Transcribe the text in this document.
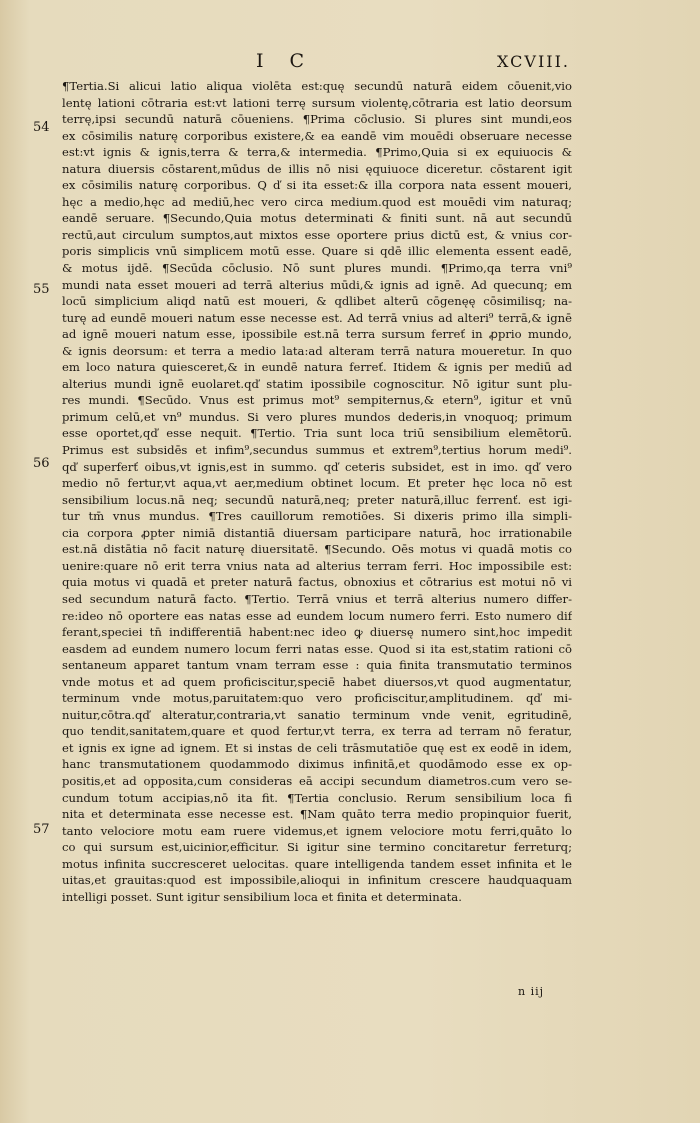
I C	XCVIII.
54
55
56
57
¶Tertia.Si alicui latio aliqua violēta est:quę secundū naturā eidem cōuenit,vio
lentę lationi cōtraria est:vt lationi terrę sursum violentę,cōtraria est latio deorsum
terrę,ipsi secundū naturā cōueniens. ¶Prima cōclusio. Si plures sint mundi,eos
ex cōsimilis naturę corporibus existere,& ea eandē vim mouēdi obseruare necesse
est:vt ignis & ignis,terra & terra,& intermedia. ¶Primo,Quia si ex equiuocis &
natura diuersis cōstarent,mūdus de illis nō nisi ęquiuoce diceretur. cōstarent igit
ex cōsimilis naturę corporibus. Q ď si ita esset:& illa corpora nata essent moueri,
hęc a medio,hęc ad mediū,hec vero circa medium.quod est mouēdi vim naturaq;
eandē seruare. ¶Secundo,Quia motus determinati & finiti sunt. nā aut secundū
rectū,aut circulum sumptos,aut mixtos esse oportere prius dictū est, & vnius cor-
poris simplicis vnū simplicem motū esse. Quare si qdē illic elementa essent eadē,
& motus ijdē. ¶Secūda cōclusio. Nō sunt plures mundi. ¶Primo,qa terra vni⁹
mundi nata esset moueri ad terrā alterius mūdi,& ignis ad ignē. Ad quecunq; em
locū simplicium aliqd natū est moueri, & qdlibet alterū cōgenęę cōsimilisq; na-
turę ad eundē moueri natum esse necesse est. Ad terrā vnius ad alteri⁹ terrā,& ignē
ad ignē moueri natum esse, ipossibile est.nā terra sursum ferreť in ꝓprio mundo,
& ignis deorsum: et terra a medio lata:ad alteram terrā natura moueretur. In quo
em loco natura quiesceret,& in eundē natura ferreť. Itidem & ignis per mediū ad
alterius mundi ignē euolaret.qď statim ipossibile cognoscitur. Nō igitur sunt plu-
res mundi. ¶Secūdo. Vnus est primus mot⁹ sempiternus,& etern⁹, igitur et vnū
primum celū,et vn⁹ mundus. Si vero plures mundos dederis,in vnoquoq; primum
esse oportet,qď esse nequit. ¶Tertio. Tria sunt loca triū sensibilium elemētorū.
Primus est subsidēs et infim⁹,secundus summus et extrem⁹,tertius horum medi⁹.
qď superferť oibus,vt ignis,est in summo. qď ceteris subsidet, est in imo. qď vero
medio nō fertur,vt aqua,vt aer,medium obtinet locum. Et preter hęc loca nō est
sensibilium locus.nā neq; secundū naturā,neq; preter naturā,illuc ferrenť. est igi-
tur tm̄ vnus mundus. ¶Tres cauillorum remotiōes. Si dixeris primo illa simpli-
cia corpora ꝓpter nimiā distantiā diuersam participare naturā, hoc irrationabile
est.nā distātia nō facit naturę diuersitatē. ¶Secundo. Oēs motus vi quadā motis co
uenire:quare nō erit terra vnius nata ad alterius terram ferri. Hoc impossibile est:
quia motus vi quadā et preter naturā factus, obnoxius et cōtrarius est motui nō vi
sed secundum naturā facto. ¶Tertio. Terrā vnius et terrā alterius numero differ-
re:ideo nō oportere eas natas esse ad eundem locum numero ferri. Esto numero dif
ferant,speciei tn̄ indifferentiā habent:nec ideo ꝙ diuersę numero sint,hoc impedit
easdem ad eundem numero locum ferri natas esse. Quod si ita est,statim rationi cō
sentaneum apparet tantum vnam terram esse : quia finita transmutatio terminos
vnde motus et ad quem proficiscitur,speciē habet diuersos,vt quod augmentatur,
terminum vnde motus,paruitatem:quo vero proficiscitur,amplitudinem. qď mi-
nuitur,cōtra.qď alteratur,contraria,vt sanatio terminum vnde venit, egritudinē,
quo tendit,sanitatem,quare et quod fertur,vt terra, ex terra ad terram nō feratur,
et ignis ex igne ad ignem. Et si instas de celi trāsmutatiōe quę est ex eodē in idem,
hanc transmutationem quodammodo diximus infinitā,et quodāmodo esse ex op-
positis,et ad opposita,cum consideras eā accipi secundum diametros.cum vero se-
cundum totum accipias,nō ita fit. ¶Tertia conclusio. Rerum sensibilium loca fi
nita et determinata esse necesse est. ¶Nam quāto terra medio propinquior fuerit,
tanto velociore motu eam ruere videmus,et ignem velociore motu ferri,quāto lo
co qui sursum est,uicinior,efficitur. Si igitur sine termino concitaretur ferreturq;
motus infinita succresceret uelocitas. quare intelligenda tandem esset infinita et le
uitas,et grauitas:quod est impossibile,alioqui in infinitum crescere haudquaquam
intelligi posset. Sunt igitur sensibilium loca et finita et determinata.
n iij
